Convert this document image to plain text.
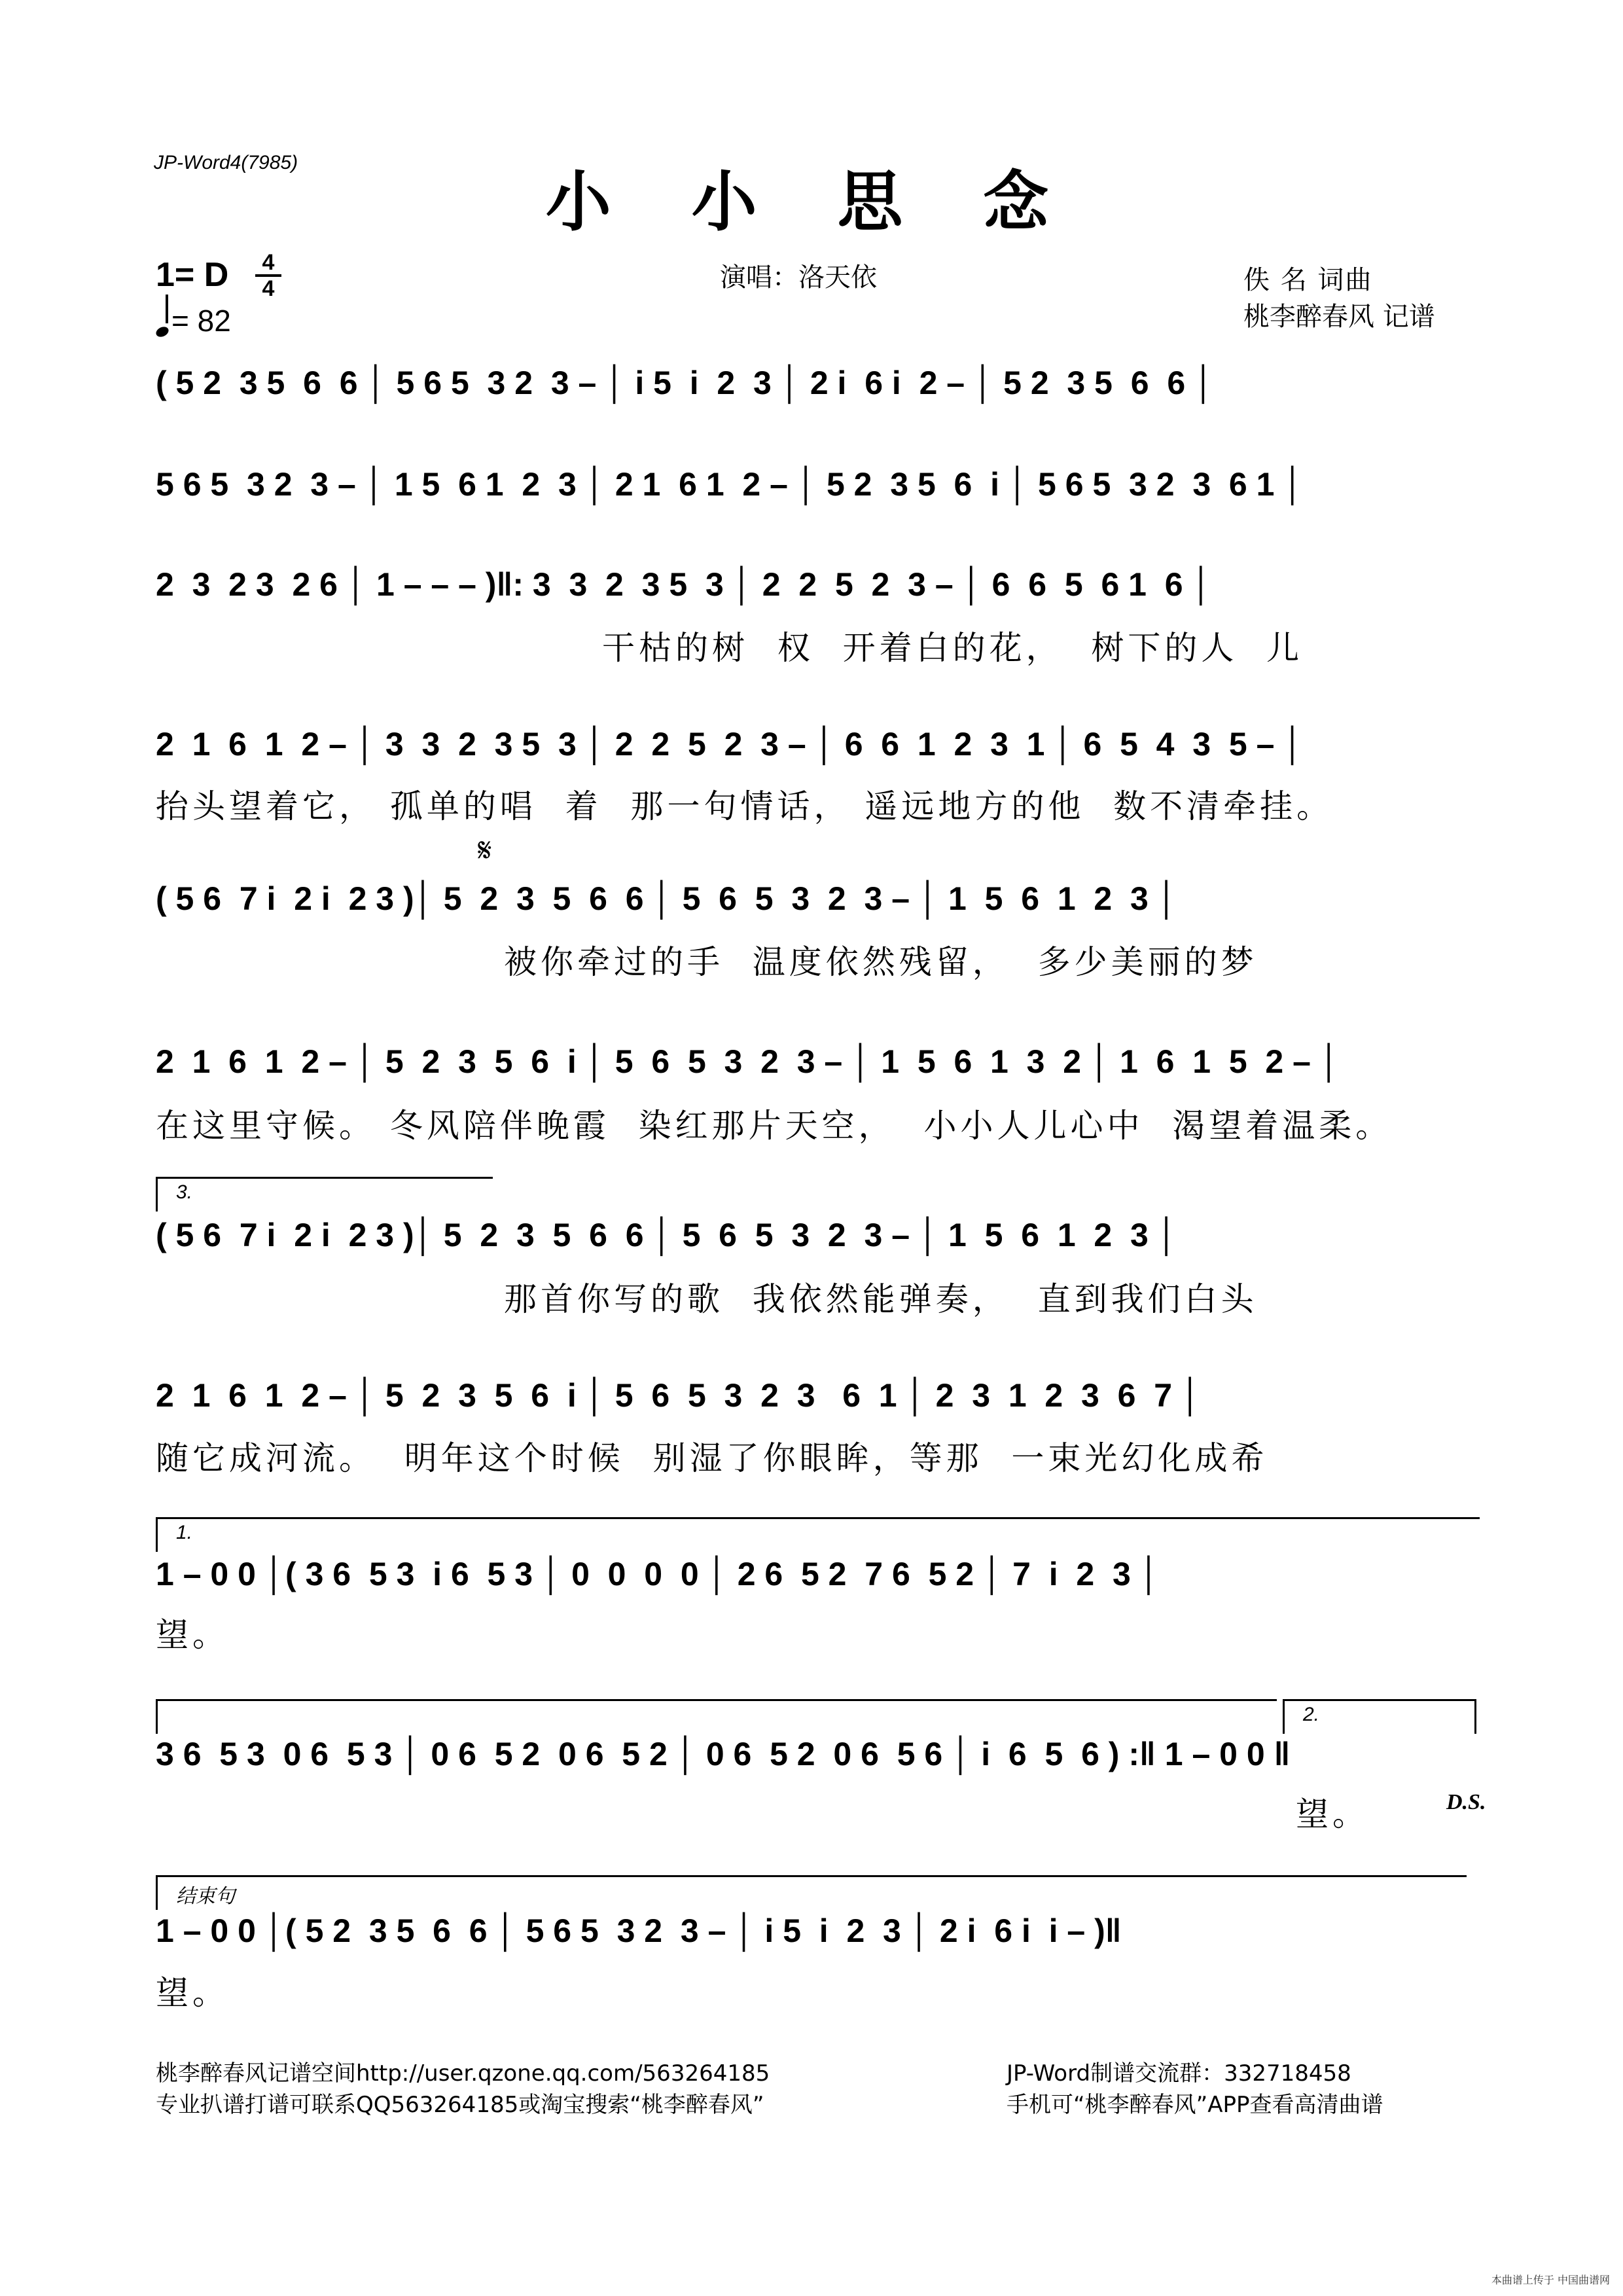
JP-Word4(7985)
小 小 思 念
1= D	4
4
= 82
演唱：洛天依	佚 名 词曲
桃李醉春风 记谱
( 5 2  3 5  6  6 │ 5 6 5  3 2  3 – │ i 5  i  2  3 │ 2 i  6 i  2 – │ 5 2  3 5  6  6 │
5 6 5  3 2  3 – │ 1 5  6 1  2  3 │ 2 1  6 1  2 – │ 5 2  3 5  6  i │ 5 6 5  3 2  3  6 1 │
2  3  2 3  2 6 │ 1 – – – )‖: 3  3  2  3 5  3 │ 2  2  5  2  3 – │ 6  6  5  6 1  6 │
干枯的树  权  开着白的花，  树下的人  儿
2  1  6  1  2 – │ 3  3  2  3 5  3 │ 2  2  5  2  3 – │ 6  6  1  2  3  1 │ 6  5  4  3  5 – │
抬头望着它， 孤单的唱  着  那一句情话， 遥远地方的他  数不清牵挂。
𝄋
( 5 6  7 i  2 i  2 3 )│ 5  2  3  5  6  6 │ 5  6  5  3  2  3 – │ 1  5  6  1  2  3 │
被你牵过的手  温度依然残留，  多少美丽的梦
2  1  6  1  2 – │ 5  2  3  5  6  i │ 5  6  5  3  2  3 – │ 1  5  6  1  3  2 │ 1  6  1  5  2 – │
在这里守候。 冬风陪伴晚霞  染红那片天空，  小小人儿心中  渴望着温柔。
3.
( 5 6  7 i  2 i  2 3 )│ 5  2  3  5  6  6 │ 5  6  5  3  2  3 – │ 1  5  6  1  2  3 │
那首你写的歌  我依然能弹奏，  直到我们白头
2  1  6  1  2 – │ 5  2  3  5  6  i │ 5  6  5  3  2  3   6  1 │ 2  3  1  2  3  6  7 │
随它成河流。  明年这个时候  别湿了你眼眸，等那  一束光幻化成希
1.
1 – 0 0 │( 3 6  5 3  i 6  5 3 │ 0  0  0  0 │ 2 6  5 2  7 6  5 2 │ 7  i  2  3 │
望。
2.
3 6  5 3  0 6  5 3 │ 0 6  5 2  0 6  5 2 │ 0 6  5 2  0 6  5 6 │ i  6  5  6 ) :‖ 1 – 0 0 ‖
望。	D.S.
结束句
1 – 0 0 │( 5 2  3 5  6  6 │ 5 6 5  3 2  3 – │ i 5  i  2  3 │ 2 i  6 i  i – )‖
望。
桃李醉春风记谱空间http://user.qzone.qq.com/563264185
专业扒谱打谱可联系QQ563264185或淘宝搜索“桃李醉春风”
JP-Word制谱交流群：332718458
手机可“桃李醉春风”APP查看高清曲谱
本曲谱上传于 中国曲谱网
